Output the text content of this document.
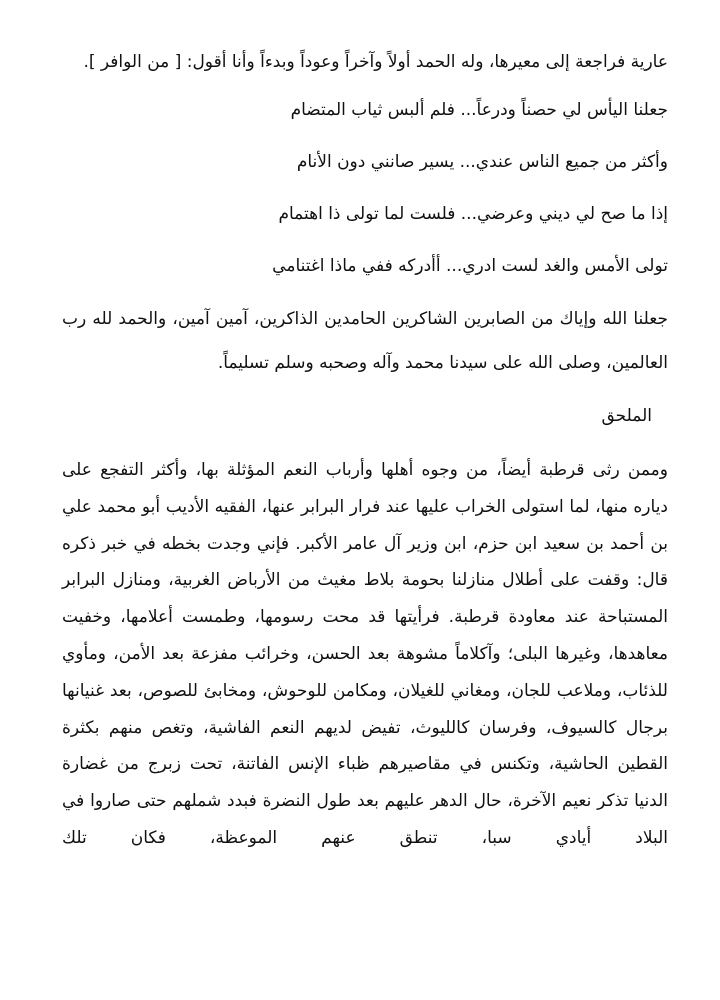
عارية فراجعة إلى معيرها، وله الحمد أولاً وآخراً وعوداً وبدءاً وأنا أقول: [ من الوافر ].

جعلنا اليأس لي حصناً ودرعاً... فلم ألبس ثياب المتضام

وأكثر من جميع الناس عندي... يسير صانني دون الأنام

إذا ما صح لي ديني وعرضي... فلست لما تولى ذا اهتمام

تولى الأمس والغد لست ادري... أأدركه ففي ماذا اغتنامي

جعلنا الله وإياك من الصابرين الشاكرين الحامدين الذاكرين، آمين آمين، والحمد لله رب العالمين، وصلى الله على سيدنا محمد وآله وصحبه وسلم تسليماً.

الملحق

وممن رثى قرطبة أيضاً، من وجوه أهلها وأرباب النعم المؤثلة بها، وأكثر التفجع على دياره منها، لما استولى الخراب عليها عند فرار البرابر عنها، الفقيه الأديب أبو محمد علي بن أحمد بن سعيد ابن حزم، ابن وزير آل عامر الأكبر. فإني وجدت بخطه في خبر ذكره قال: وقفت على أطلال منازلنا بحومة بلاط مغيث من الأرباض الغربية، ومنازل البرابر المستباحة عند معاودة قرطبة. فرأيتها قد محت رسومها، وطمست أعلامها، وخفيت معاهدها، وغيرها البلى؛ وآكلاماً مشوهة بعد الحسن، وخرائب مفزعة بعد الأمن، ومأوي للذئاب، وملاعب للجان، ومغاني للغيلان، ومكامن للوحوش، ومخابئ للصوص، بعد غنيانها برجال كالسيوف، وفرسان كالليوث، تفيض لديهم النعم الفاشية، وتغص منهم بكثرة القطين الحاشية، وتكنس في مقاصيرهم ظباء الإنس الفاتنة، تحت زبرج من غضارة الدنيا تذكر نعيم الآخرة، حال الدهر عليهم بعد طول النضرة فبدد شملهم حتى صاروا في البلاد أيادي سبا، تنطق عنهم الموعظة، فكان تلك
